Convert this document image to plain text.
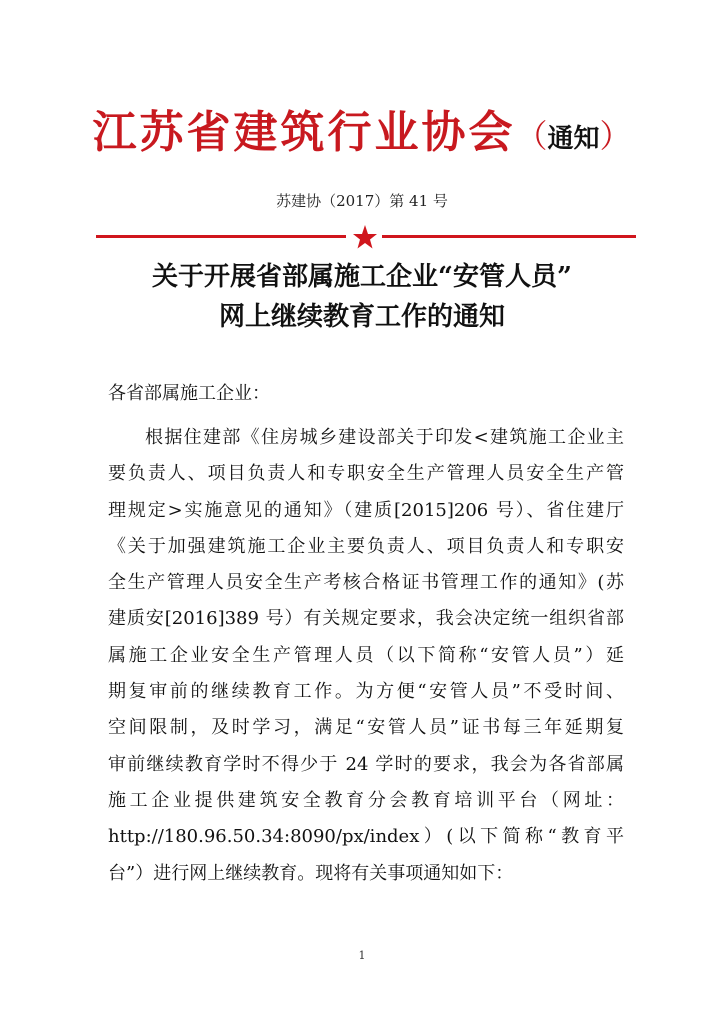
江苏省建筑行业协会（通知）
苏建协（2017）第 41 号
关于开展省部属施工企业“安管人员”
网上继续教育工作的通知
各省部属施工企业：
根据住建部《住房城乡建设部关于印发<建筑施工企业主
要负责人、项目负责人和专职安全生产管理人员安全生产管
理规定>实施意见的通知》（建质[2015]206 号）、省住建厅
《关于加强建筑施工企业主要负责人、项目负责人和专职安
全生产管理人员安全生产考核合格证书管理工作的通知》(苏
建质安[2016]389 号）有关规定要求，我会决定统一组织省部
属施工企业安全生产管理人员（以下简称“安管人员”）延
期复审前的继续教育工作。为方便“安管人员”不受时间、
空间限制，及时学习，满足“安管人员”证书每三年延期复
审前继续教育学时不得少于 24 学时的要求，我会为各省部属
施工企业提供建筑安全教育分会教育培训平台（网址：
http://180.96.50.34:8090/px/index）(以下简称“教育平
台”）进行网上继续教育。现将有关事项通知如下：
1
